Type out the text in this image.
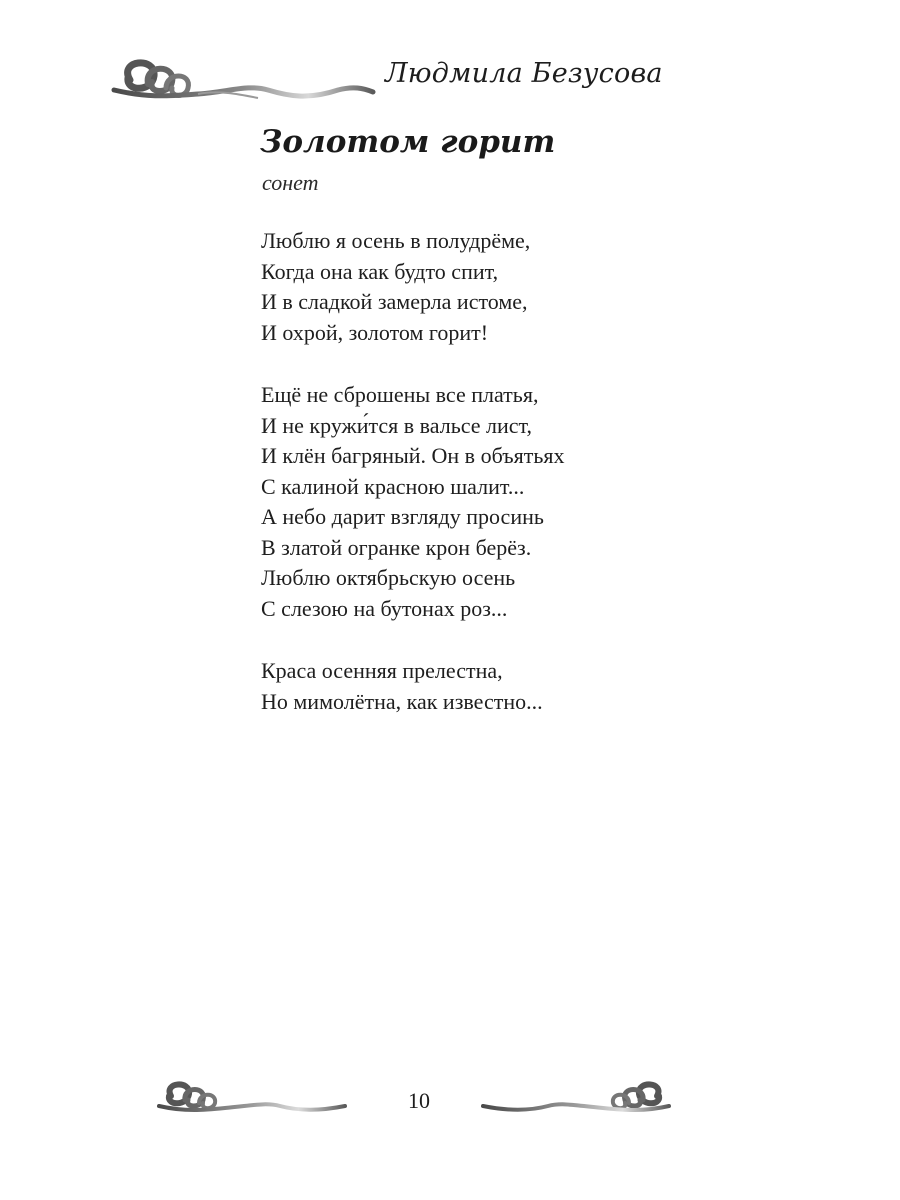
Людмила Безусова
Золотом горит
сонет
Люблю я осень в полудрёме,
Когда она как будто спит,
И в сладкой замерла истоме,
И охрой, золотом горит!
Ещё не сброшены все платья,
И не кружи́тся в вальсе лист,
И клён багряный. Он в объятьях
С калиной красною шалит...
А небо дарит взгляду просинь
В златой огранке крон берёз.
Люблю октябрьскую осень
С слезою на бутонах роз...
Краса осенняя прелестна,
Но мимолётна, как известно...
10
